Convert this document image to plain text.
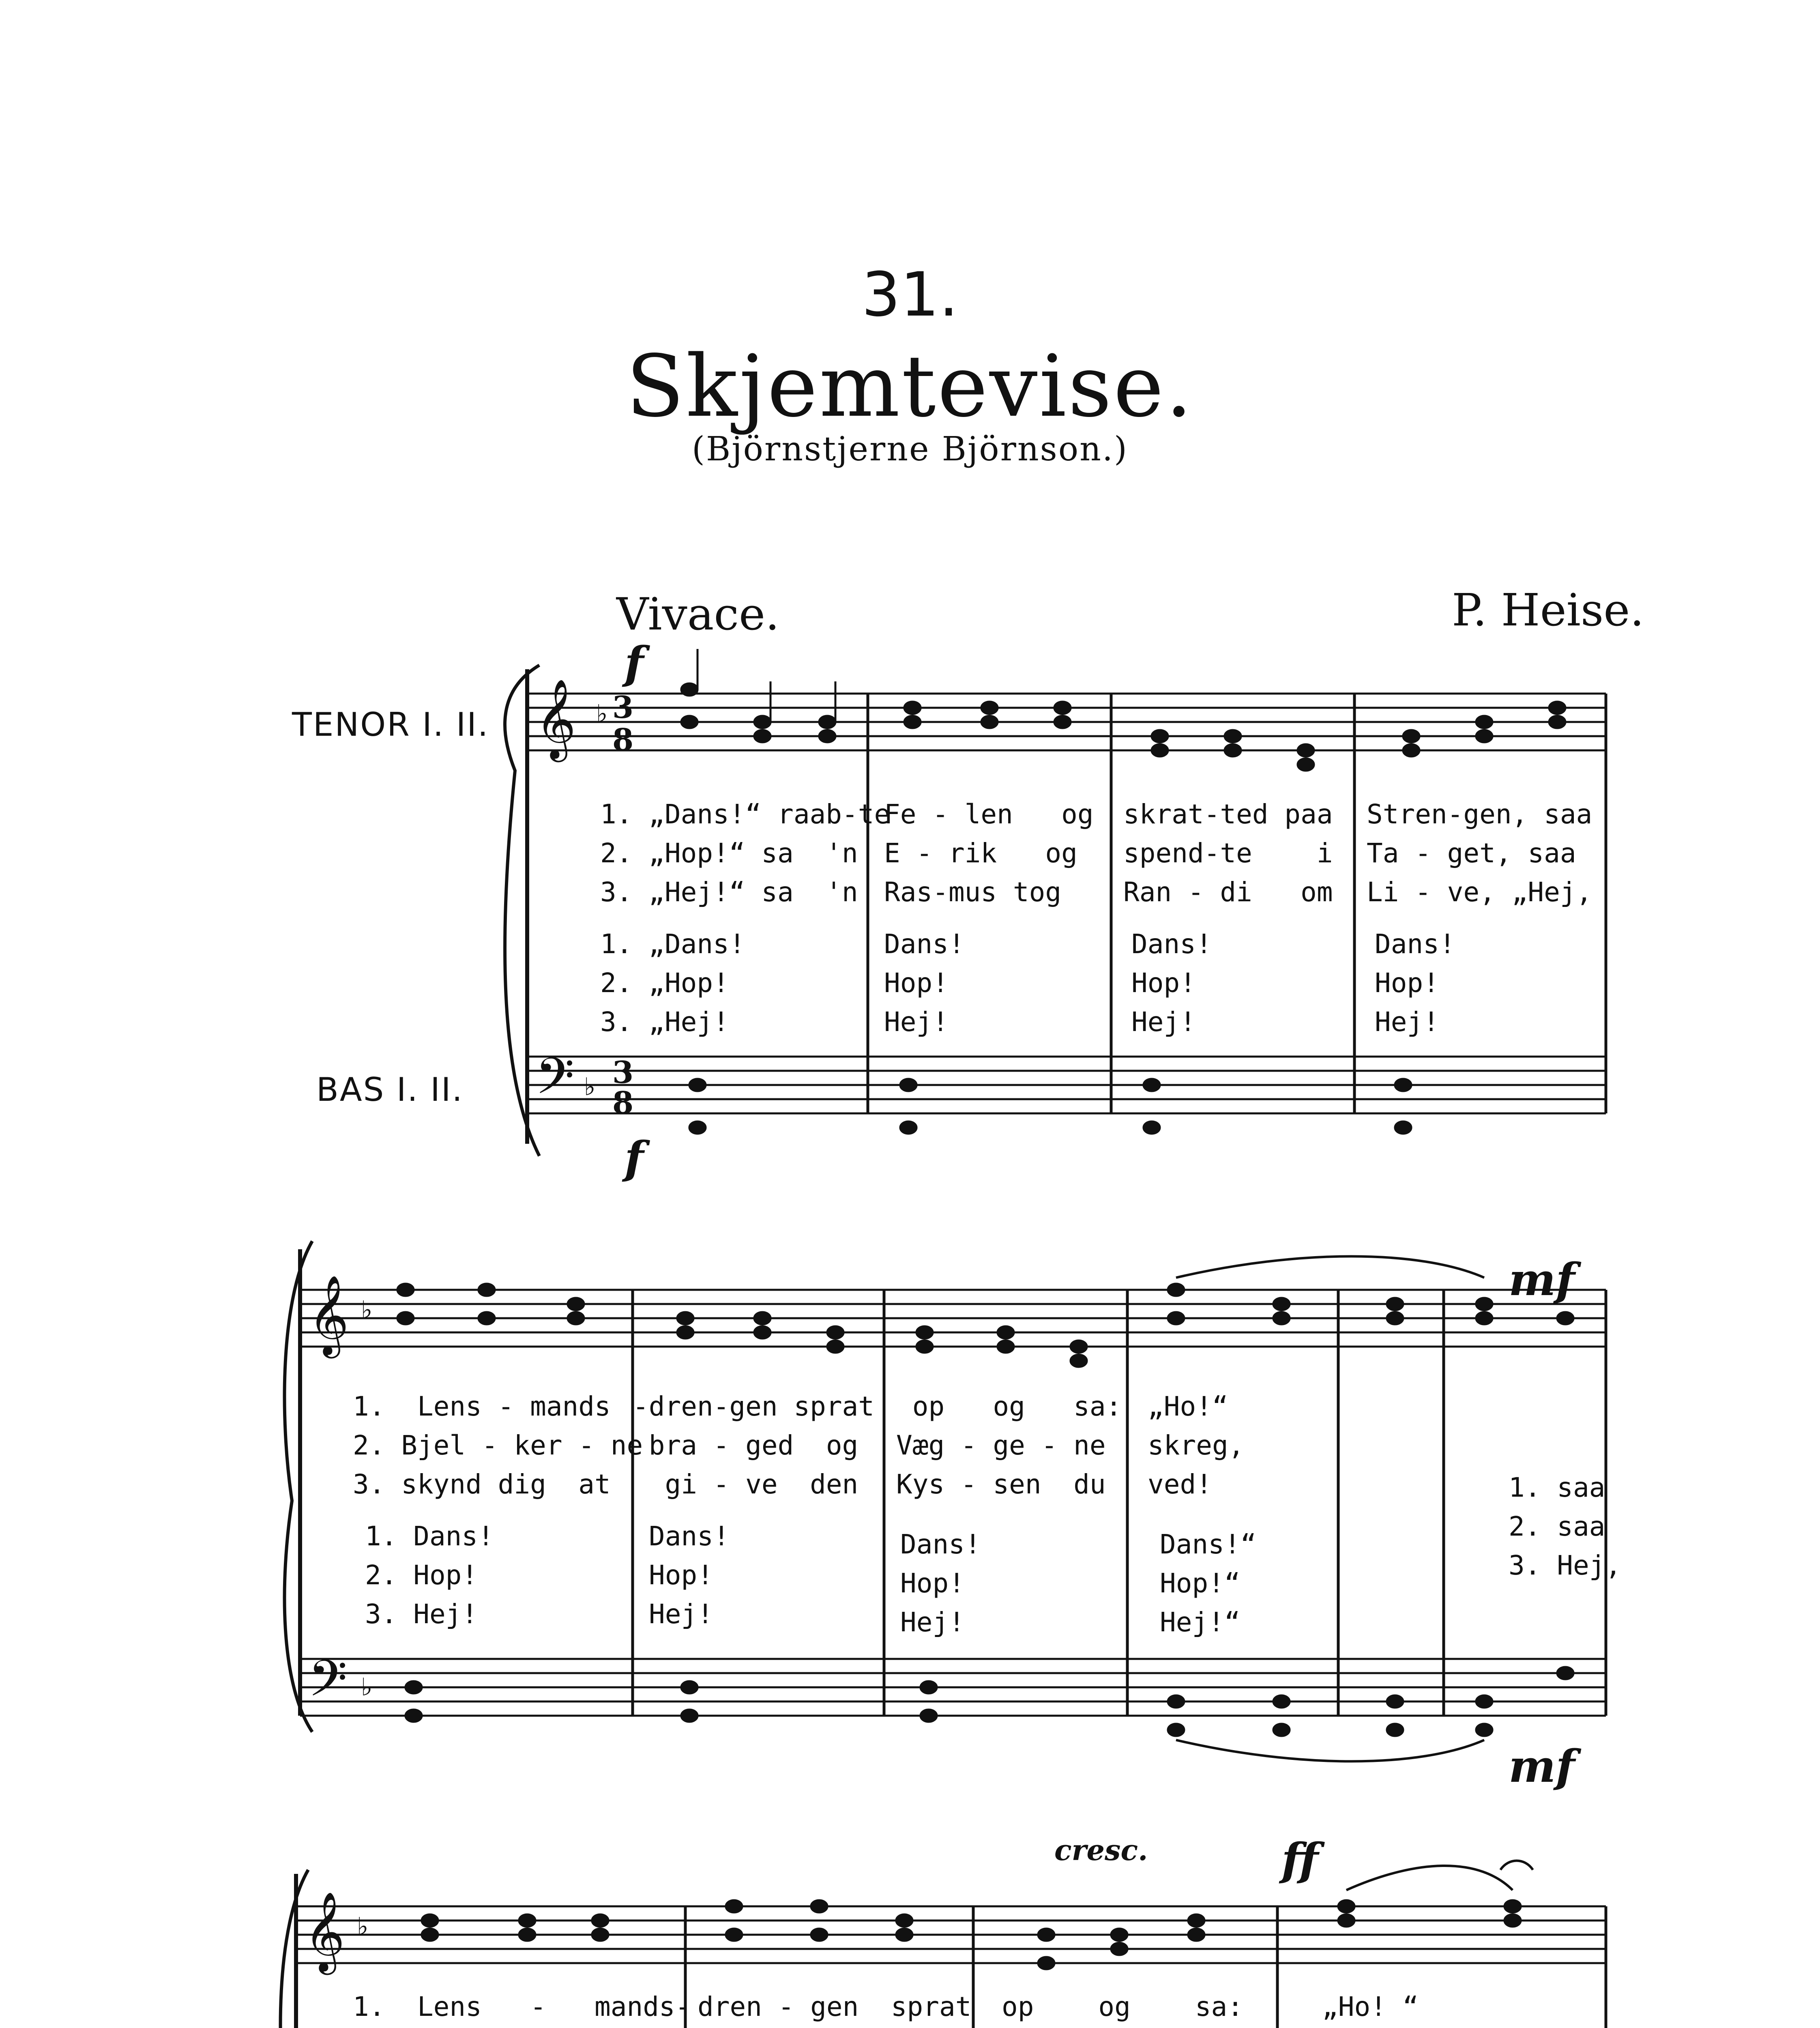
31.
Skjemtevise.
(Björnstjerne Björnson.)
Vivace.	P. Heise.
TENOR I. II.
BAS I. II.
𝄞
𝄢
♭
♭
3
8
3
8
𝄞
𝄢
♭
♭
𝄞 ♭
f
f
mf
mf
cresc.	ff
1. „Dans!“ raab-te
2. „Hop!“ sa  'n
3. „Hej!“ sa  'n
Fe - len   og
E - rik   og
Ras-mus tog
skrat-ted paa
spend-te    i
Ran - di   om
Stren-gen, saa
Ta - get, saa
Li - ve, „Hej,
1. „Dans!
2. „Hop!
3. „Hej!
Dans!
Hop!
Hej!
Dans!
Hop!
Hej!
Dans!
Hop!
Hej!
1.  Lens - mands
2. Bjel - ker - ne
3. skynd dig  at
-dren-gen sprat
bra - ged  og
gi - ve  den
op   og   sa:
Væg - ge - ne
Kys - sen  du
„Ho!“
skreg,
ved!	1. saa
2. saa
3. Hej,
1. Dans!
2. Hop!
3. Hej!
Dans!
Hop!
Hej!
Dans!
Hop!
Hej!
Dans!“
Hop!“
Hej!“
1.  Lens   -   mands-

dren - gen  sprat

op    og    sa:

	„Ho! “
